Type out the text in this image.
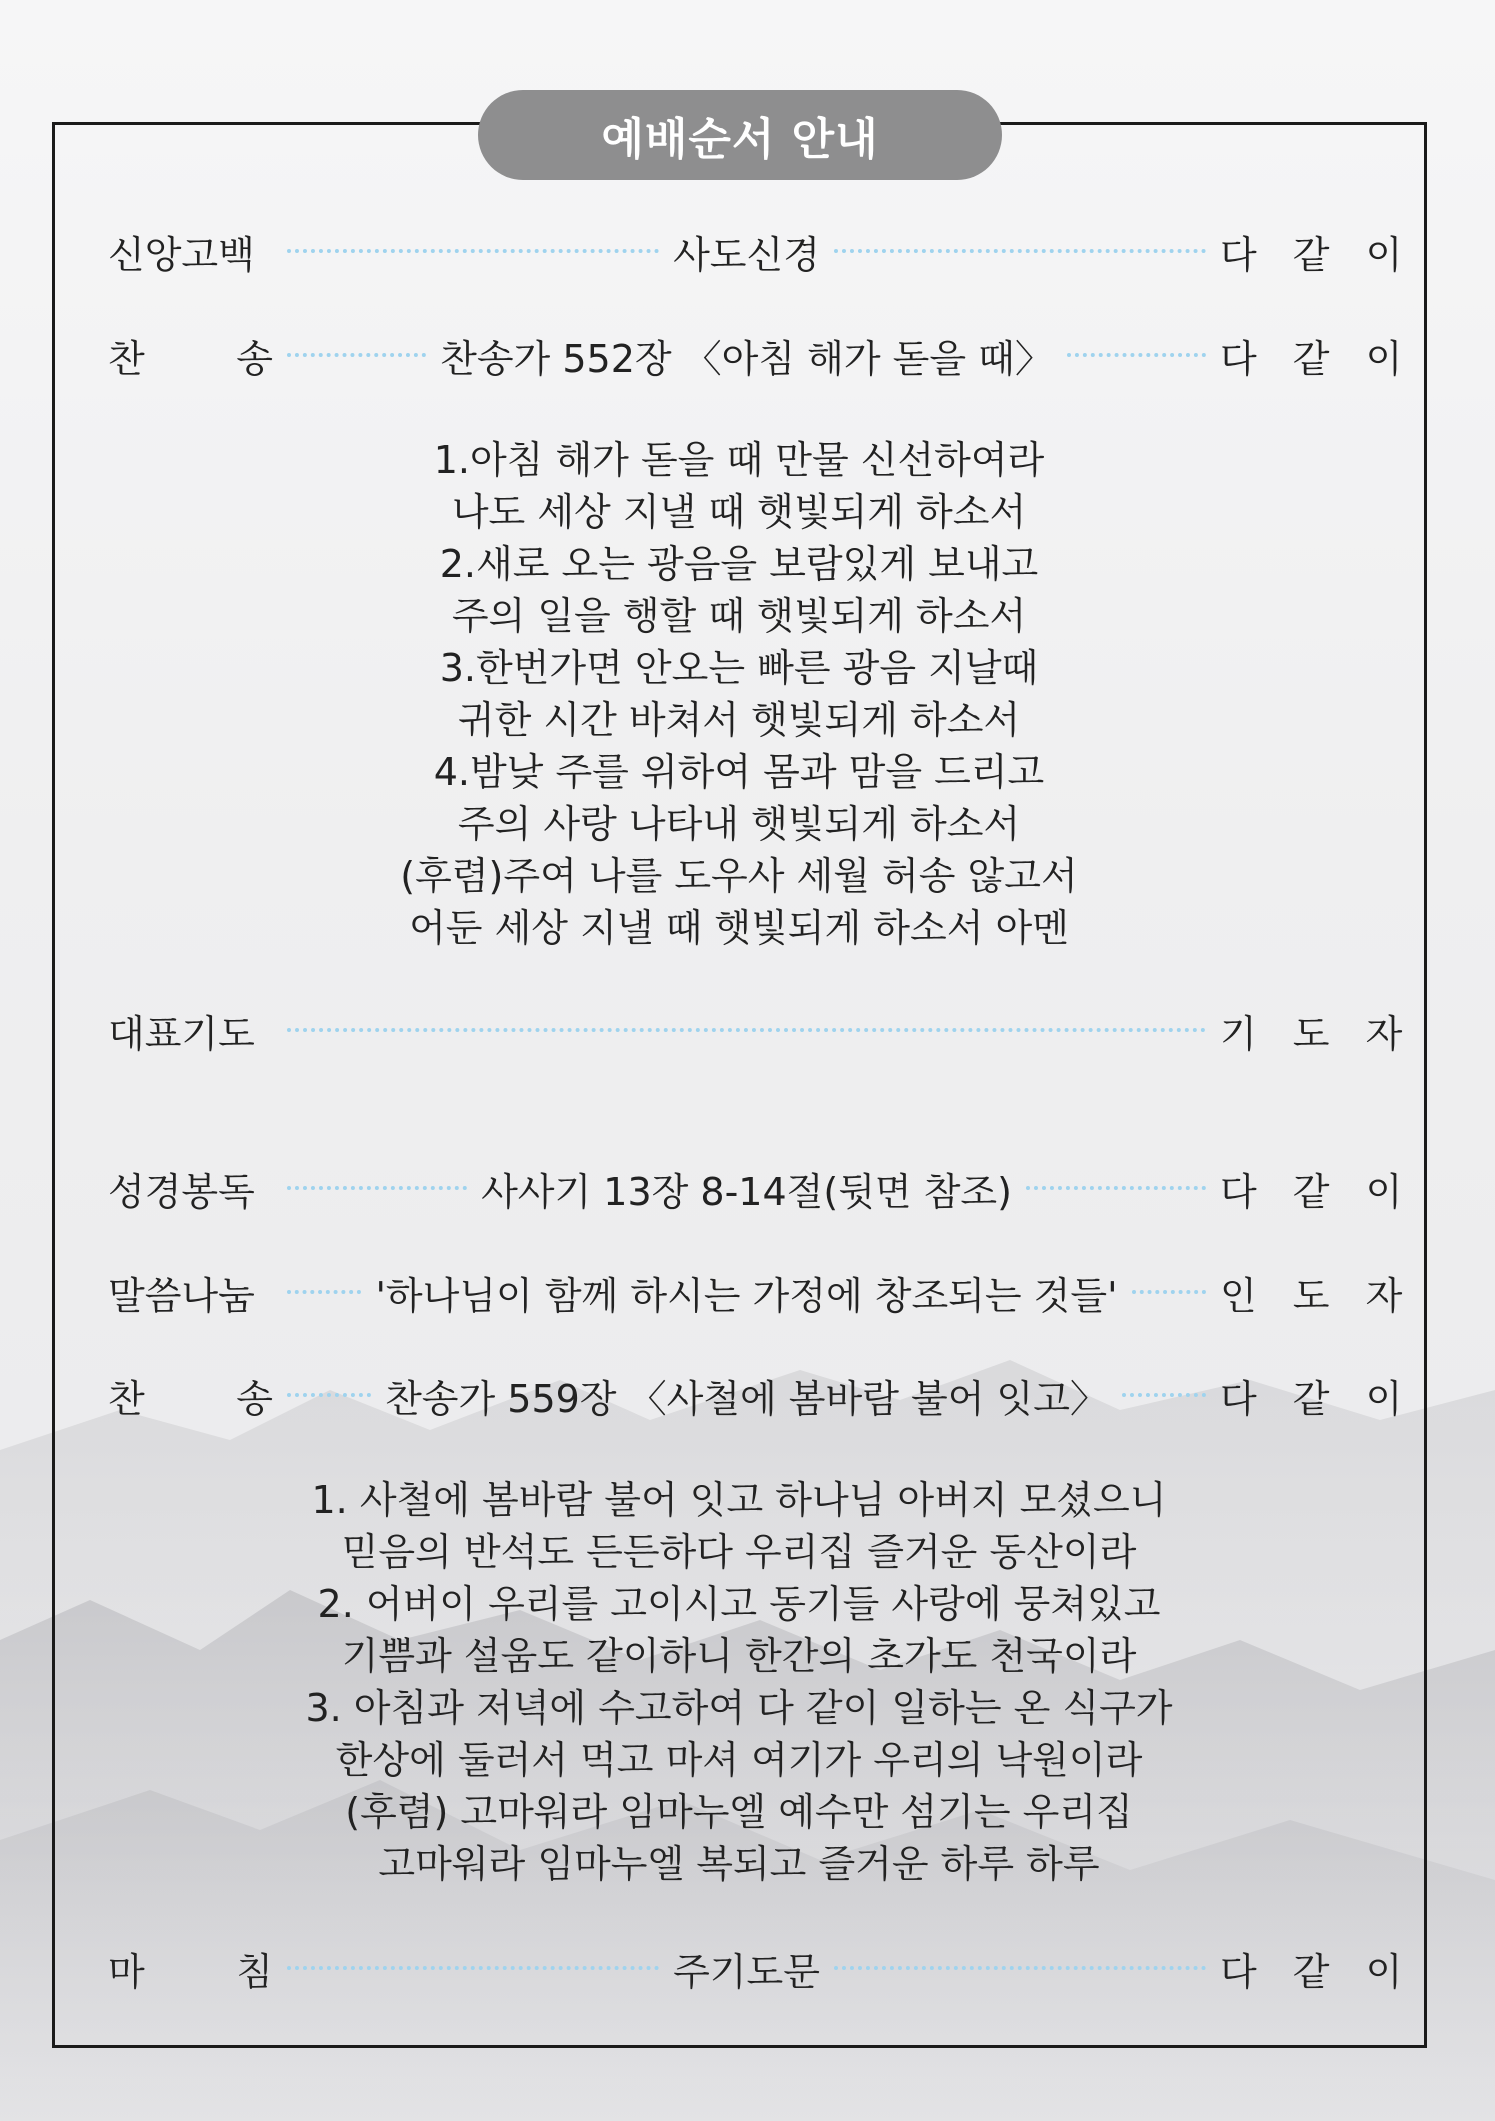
예배순서 안내
신앙고백	사도신경	다 같 이
찬 송	찬송가 552장 〈아침 해가 돋을 때〉	다 같 이
1.아침 해가 돋을 때 만물 신선하여라
나도 세상 지낼 때 햇빛되게 하소서
2.새로 오는 광음을 보람있게 보내고
주의 일을 행할 때 햇빛되게 하소서
3.한번가면 안오는 빠른 광음 지날때
귀한 시간 바쳐서 햇빛되게 하소서
4.밤낮 주를 위하여 몸과 맘을 드리고
주의 사랑 나타내 햇빛되게 하소서
(후렴)주여 나를 도우사 세월 허송 않고서
어둔 세상 지낼 때 햇빛되게 하소서 아멘
대표기도	기 도 자
성경봉독	사사기 13장 8-14절(뒷면 참조)	다 같 이
말씀나눔	'하나님이 함께 하시는 가정에 창조되는 것들'	인 도 자
찬 송	찬송가 559장 〈사철에 봄바람 불어 잇고〉	다 같 이
1. 사철에 봄바람 불어 잇고 하나님 아버지 모셨으니
믿음의 반석도 든든하다 우리집 즐거운 동산이라
2. 어버이 우리를 고이시고 동기들 사랑에 뭉쳐있고
기쁨과 설움도 같이하니 한간의 초가도 천국이라
3. 아침과 저녁에 수고하여 다 같이 일하는 온 식구가
한상에 둘러서 먹고 마셔 여기가 우리의 낙원이라
(후렴) 고마워라 임마누엘 예수만 섬기는 우리집
고마워라 임마누엘 복되고 즐거운 하루 하루
마 침	주기도문	다 같 이
